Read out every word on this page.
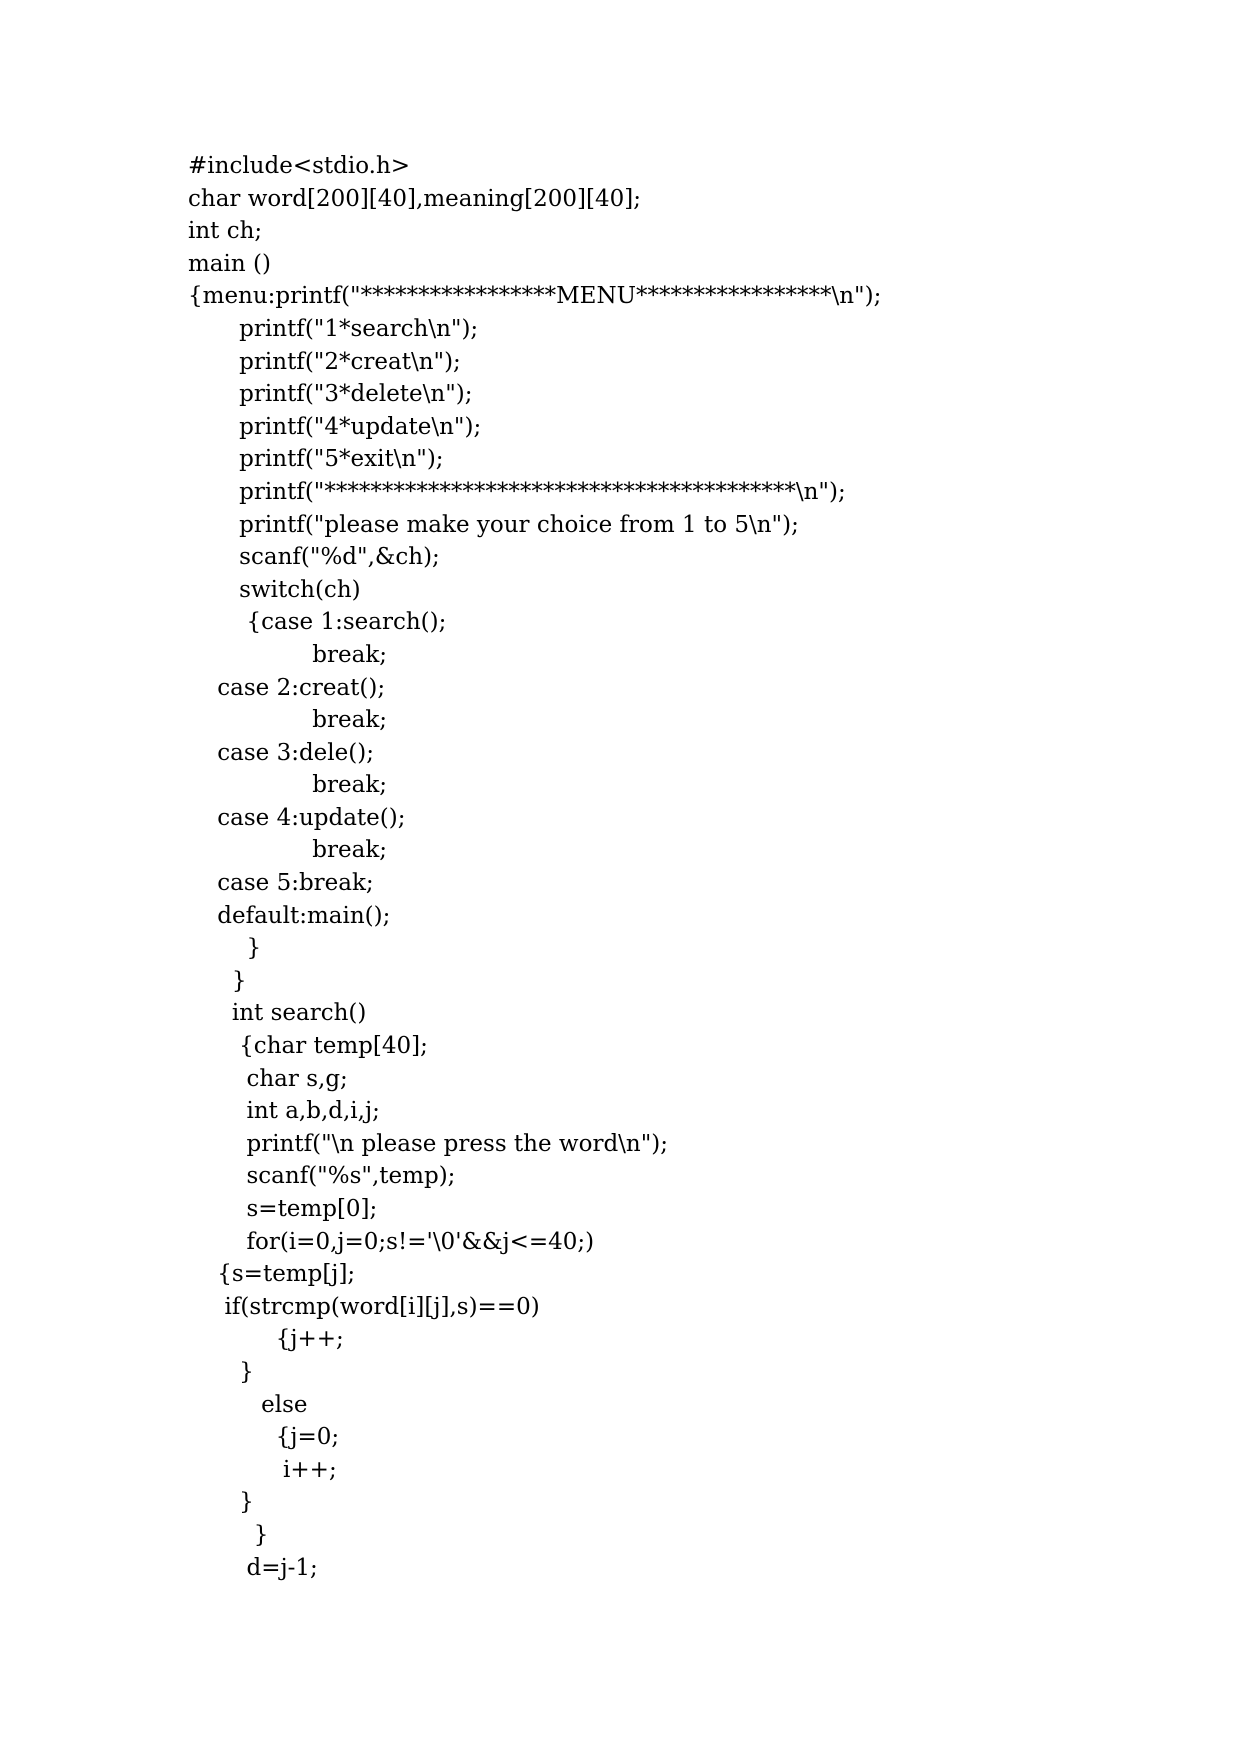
#include<stdio.h>
char word[200][40],meaning[200][40];
int ch;
main ()
{menu:printf("*****************MENU*****************\n");
printf("1*search\n");
printf("2*creat\n");
printf("3*delete\n");
printf("4*update\n");
printf("5*exit\n");
printf("*****************************************\n");
printf("please make your choice from 1 to 5\n");
scanf("%d",&ch);
switch(ch)
{case 1:search();
break;
case 2:creat();
break;
case 3:dele();
break;
case 4:update();
break;
case 5:break;
default:main();
}
}
int search()
{char temp[40];
char s,g;
int a,b,d,i,j;
printf("\n please press the word\n");
scanf("%s",temp);
s=temp[0];
for(i=0,j=0;s!='\0'&&j<=40;)
{s=temp[j];
if(strcmp(word[i][j],s)==0)
{j++;
}
else
{j=0;
i++;
}
}
d=j-1;
